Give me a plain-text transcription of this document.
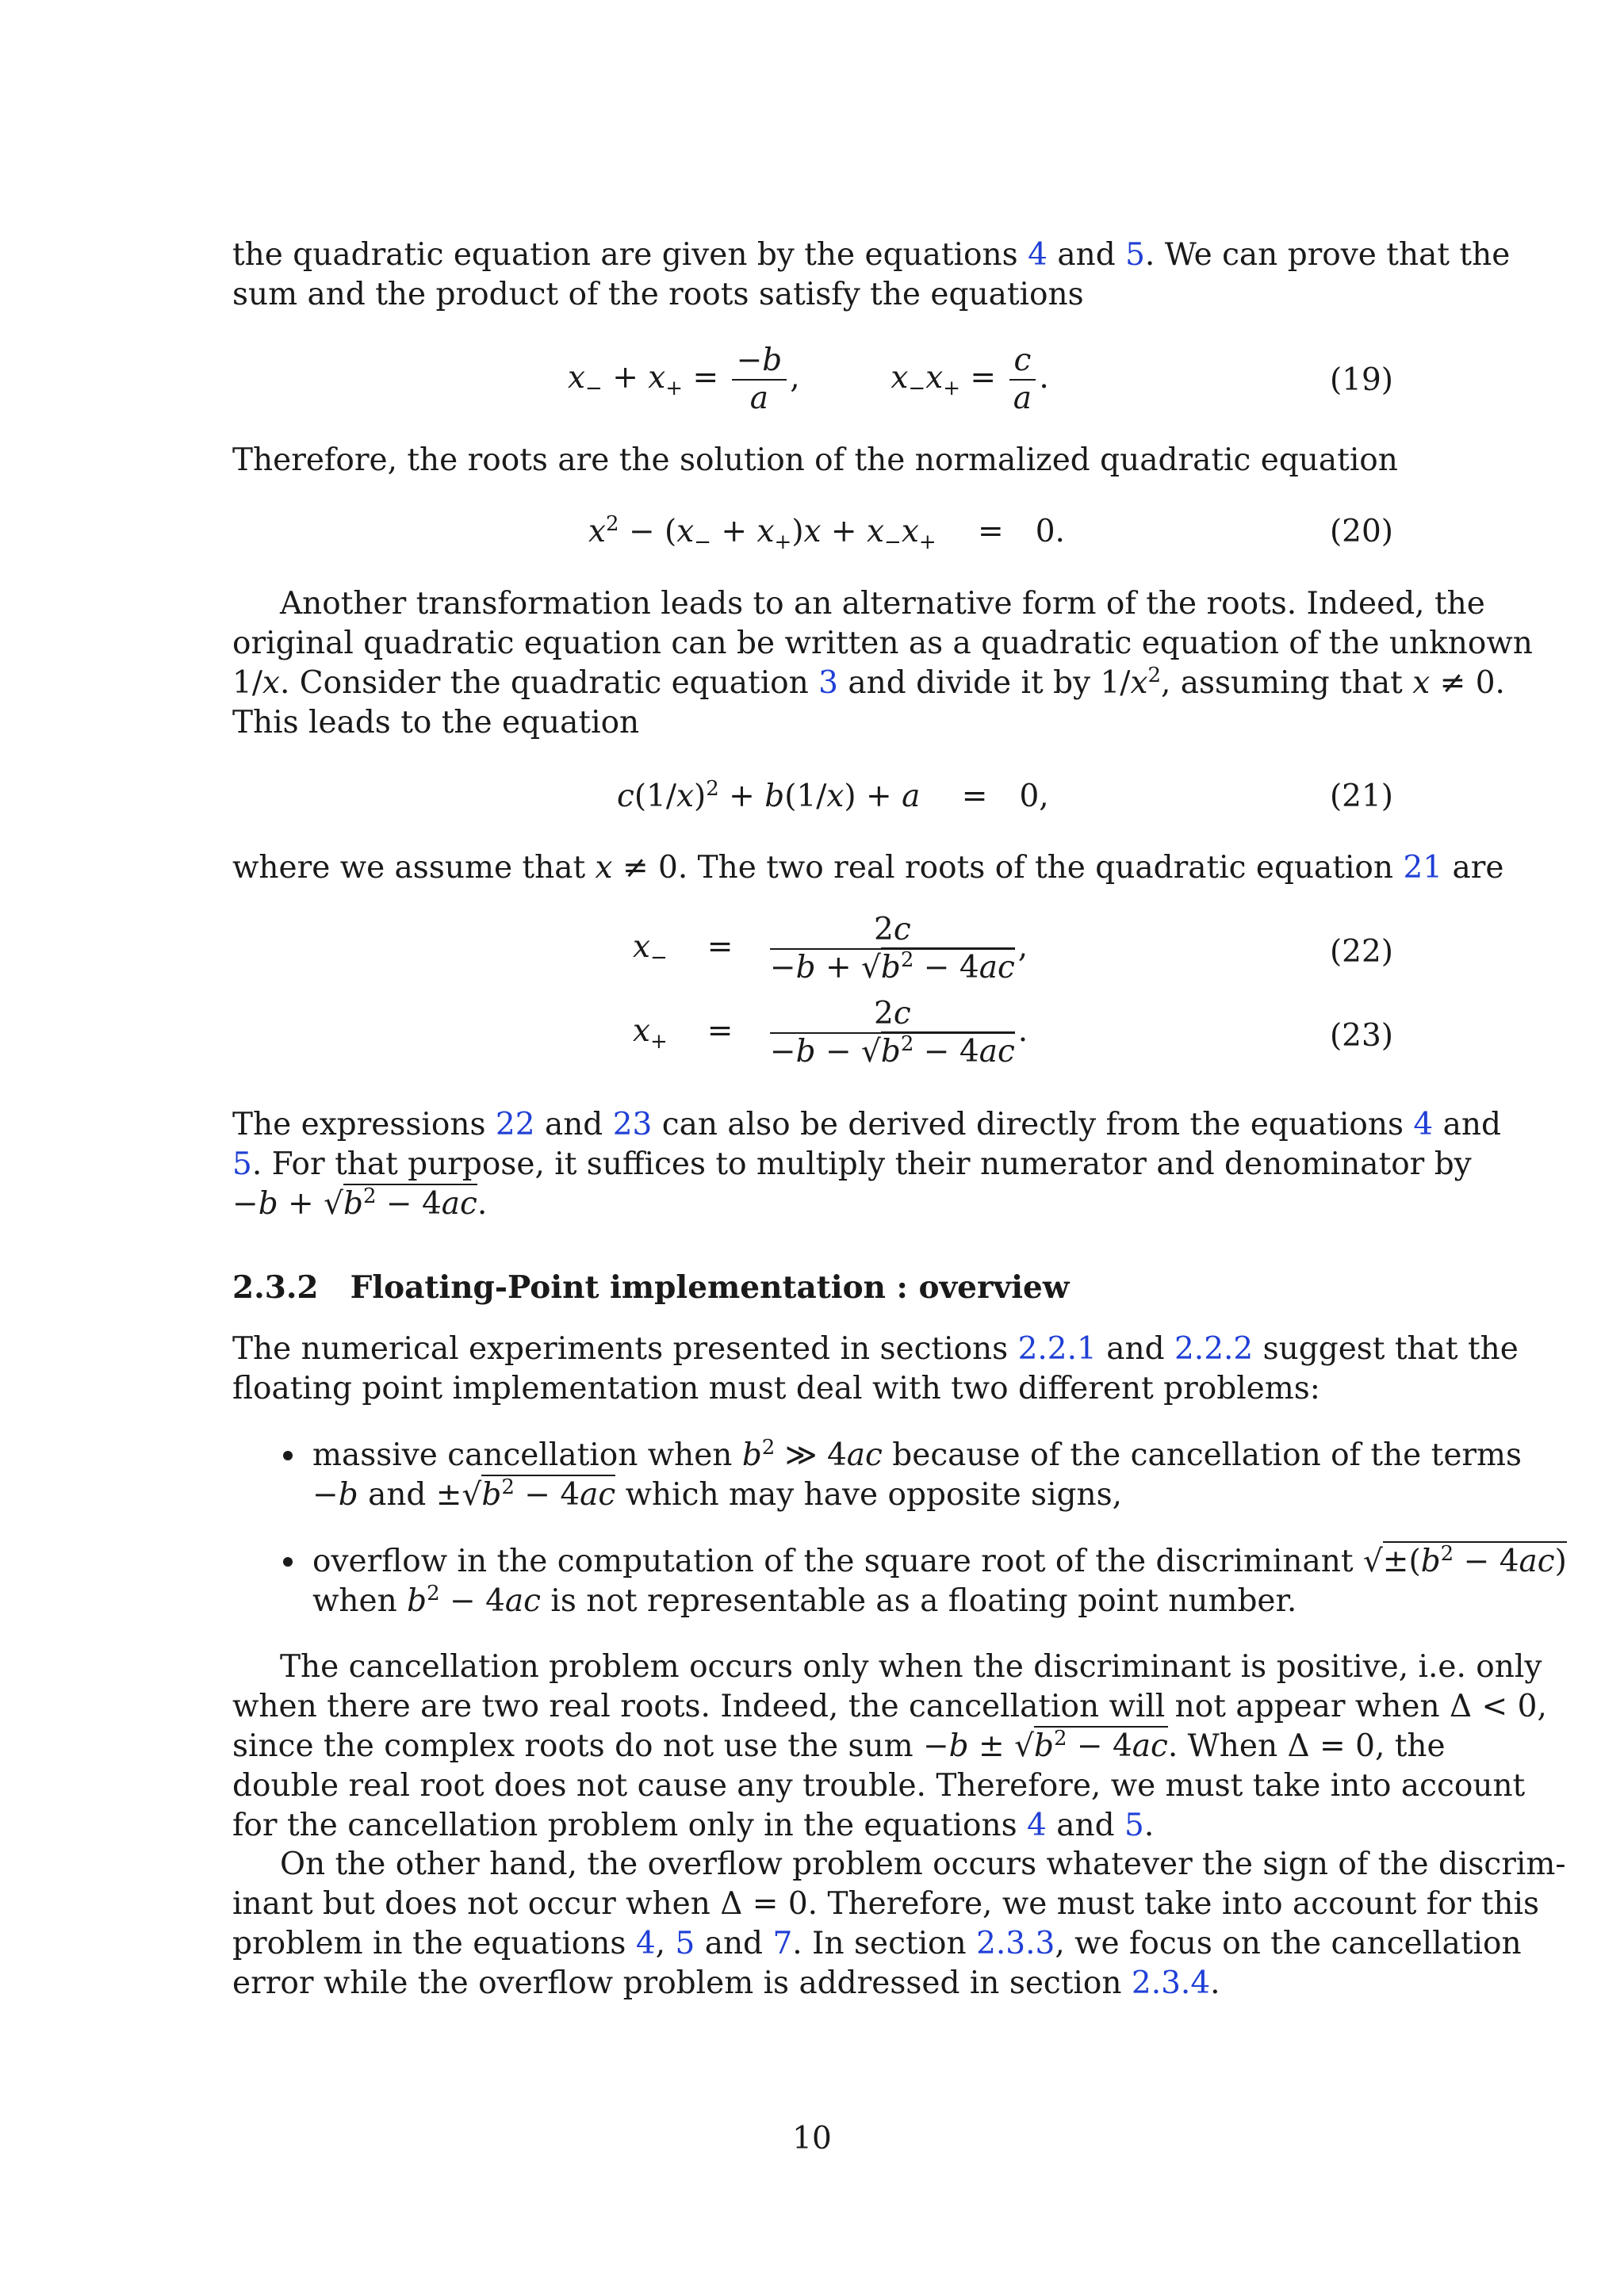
the quadratic equation are given by the equations 4 and 5. We can prove that the
sum and the product of the roots satisfy the equations
$x_- + x_+ = \frac{-b}{a}$ ,	$x_-x_+ = \frac{c}{a}$ .	(19)
Therefore, the roots are the solution of the normalized quadratic equation
$x^2 - (x_- + x_+)x + x_-x_+ = 0$.	(20)
Another transformation leads to an alternative form of the roots. Indeed, the
original quadratic equation can be written as a quadratic equation of the unknown
1/x. Consider the quadratic equation 3 and divide it by $1/x^2$, assuming that x ≠ 0.
This leads to the equation
$c(1/x)^2 + b(1/x) + a = 0$,	(21)
where we assume that x ≠ 0. The two real roots of the quadratic equation 21 are
$x_- = \frac{2c}{-b + √b^2 - 4ac}$ ,	(22)
$x_+ = \frac{2c}{-b - √b^2 - 4ac}$ .	(23)
The expressions 22 and 23 can also be derived directly from the equations 4 and
5. For that purpose, it suffices to multiply their numerator and denominator by
$-b + √b^2 - 4ac$.
2.3.2 Floating-Point implementation : overview
The numerical experiments presented in sections 2.2.1 and 2.2.2 suggest that the
floating point implementation must deal with two different problems:
massive cancellation when $b^2$ ≫ 4ac because of the cancellation of the terms
−b and $\pm√b^2 - 4ac$ which may have opposite signs,
overflow in the computation of the square root of the discriminant $√\pm(b^2 - 4ac)$
when $b^2 - 4ac$ is not representable as a floating point number.
The cancellation problem occurs only when the discriminant is positive, i.e. only
when there are two real roots. Indeed, the cancellation will not appear when Δ < 0,
since the complex roots do not use the sum $-b \pm √b^2 - 4ac$. When Δ = 0, the
double real root does not cause any trouble. Therefore, we must take into account
for the cancellation problem only in the equations 4 and 5.
On the other hand, the overflow problem occurs whatever the sign of the discrim-
inant but does not occur when Δ = 0. Therefore, we must take into account for this
problem in the equations 4, 5 and 7. In section 2.3.3, we focus on the cancellation
error while the overflow problem is addressed in section 2.3.4.
10
